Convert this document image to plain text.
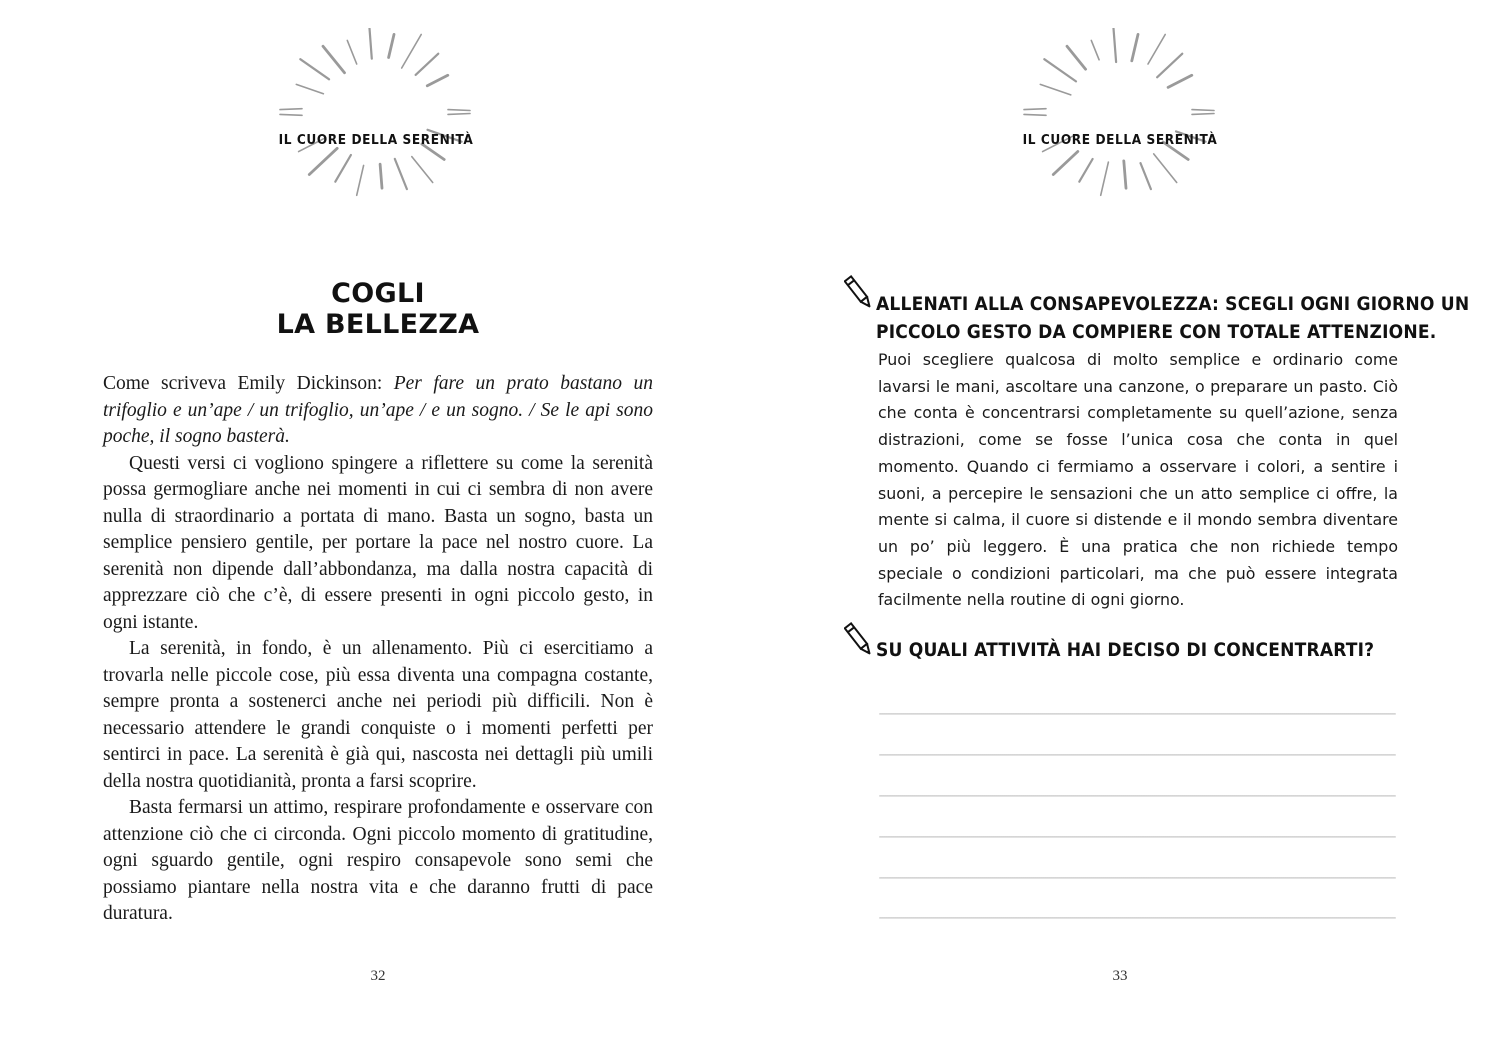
IL CUORE DELLA SERENITÀ
COGLI
LA BELLEZZA

Come scriveva Emily Dickinson: Per fare un prato bastano un trifoglio e un’ape / un trifoglio, un’ape / e un sogno. / Se le api sono poche, il sogno basterà.

Questi versi ci vogliono spingere a riflettere su come la serenità possa germogliare anche nei momenti in cui ci sembra di non avere nulla di straordinario a portata di mano. Basta un sogno, basta un semplice pensiero gentile, per portare la pace nel nostro cuore. La serenità non dipende dall’abbondanza, ma dalla nostra capacità di apprezzare ciò che c’è, di essere presenti in ogni piccolo gesto, in ogni istante.

La serenità, in fondo, è un allenamento. Più ci esercitiamo a trovarla nelle piccole cose, più essa diventa una compagna costante, sempre pronta a sostenerci anche nei periodi più difficili. Non è necessario attendere le grandi conquiste o i momenti perfetti per sentirci in pace. La serenità è già qui, nascosta nei dettagli più umili della nostra quotidianità, pronta a farsi scoprire.

Basta fermarsi un attimo, respirare profondamente e osservare con attenzione ciò che ci circonda. Ogni piccolo momento di gratitudine, ogni sguardo gentile, ogni respiro consapevole sono semi che possiamo piantare nella nostra vita e che daranno frutti di pace duratura.

32
IL CUORE DELLA SERENITÀ
ALLENATI ALLA CONSAPEVOLEZZA: SCEGLI OGNI GIORNO UN
PICCOLO GESTO DA COMPIERE CON TOTALE ATTENZIONE.

Puoi scegliere qualcosa di molto semplice e ordinario come lavarsi le mani, ascoltare una canzone, o preparare un pasto. Ciò che conta è concentrarsi completamente su quell’azione, senza distrazioni, come se fosse l’unica cosa che conta in quel momento. Quando ci fermiamo a osservare i colori, a sentire i suoni, a percepire le sensazioni che un atto semplice ci offre, la mente si calma, il cuore si distende e il mondo sembra diventare un po’ più leggero. È una pratica che non richiede tempo speciale o condizioni particolari, ma che può essere integrata facilmente nella routine di ogni giorno.

SU QUALI ATTIVITÀ HAI DECISO DI CONCENTRARTI?
33
